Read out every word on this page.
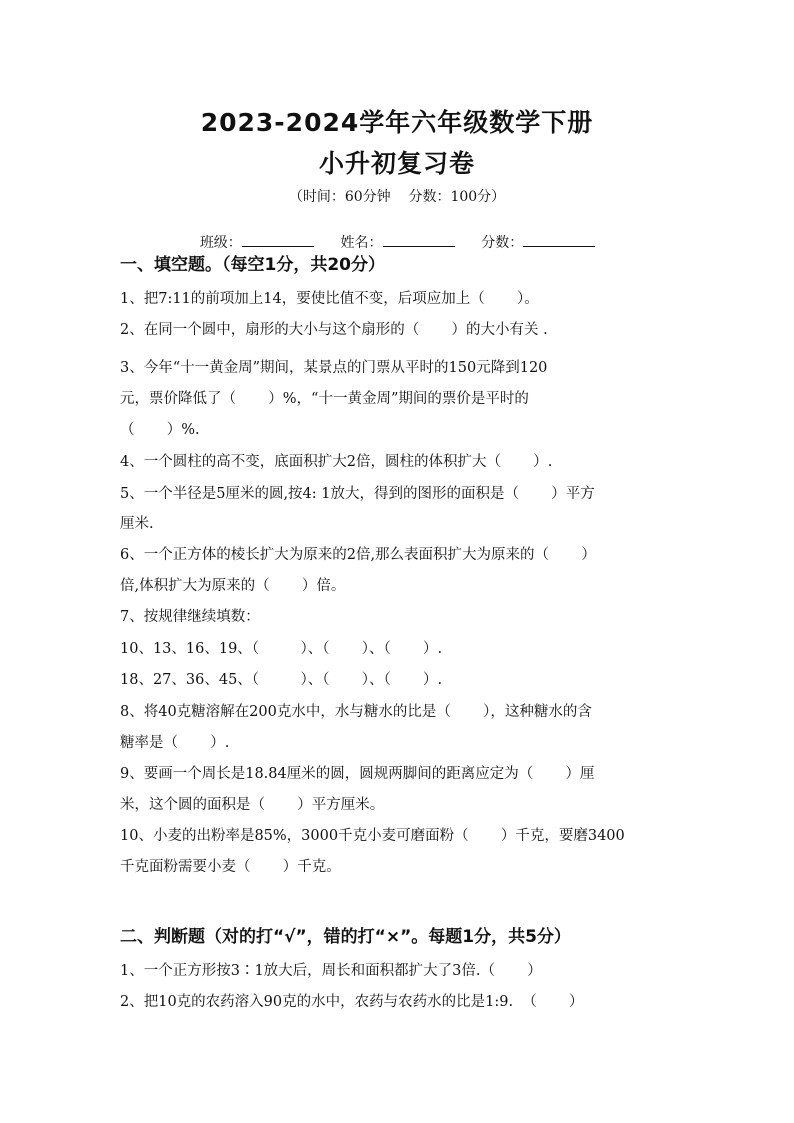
2023-2024学年六年级数学下册
小升初复习卷
（时间：60分钟    分数：100分）

班级：	姓名：	分数：

一、填空题。（每空1分，共20分）
1、把7:11的前项加上14，要使比值不变，后项应加上（       ）。
2、在同一个圆中，扇形的大小与这个扇形的（       ）的大小有关 .
3、今年“十一黄金周”期间，某景点的门票从平时的150元降到120
元，票价降低了（       ）%，“十一黄金周”期间的票价是平时的
（       ）%.
4、一个圆柱的高不变，底面积扩大2倍，圆柱的体积扩大（       ）.
5、一个半径是5厘米的圆,按4: 1放大，得到的图形的面积是（       ）平方
厘米.
6、一个正方体的棱长扩大为原来的2倍,那么表面积扩大为原来的（       ）
倍,体积扩大为原来的（       ）倍。
7、按规律继续填数：
10、13、16、19、（         ）、（       ）、（       ）.
18、27、36、45、（         ）、（       ）、（       ）.
8、将40克糖溶解在200克水中，水与糖水的比是（       ），这种糖水的含
糖率是（       ）.
9、要画一个周长是18.84厘米的圆，圆规两脚间的距离应定为（       ）厘
米，这个圆的面积是（       ）平方厘米。
10、小麦的出粉率是85%，3000千克小麦可磨面粉（       ）千克，要磨3400
千克面粉需要小麦（       ）千克。
二、判断题（对的打“√”，错的打“×”。每题1分，共5分）
1、一个正方形按3∶1放大后，周长和面积都扩大了3倍.（       ）
2、把10克的农药溶入90克的水中，农药与农药水的比是1:9.  （       ）
